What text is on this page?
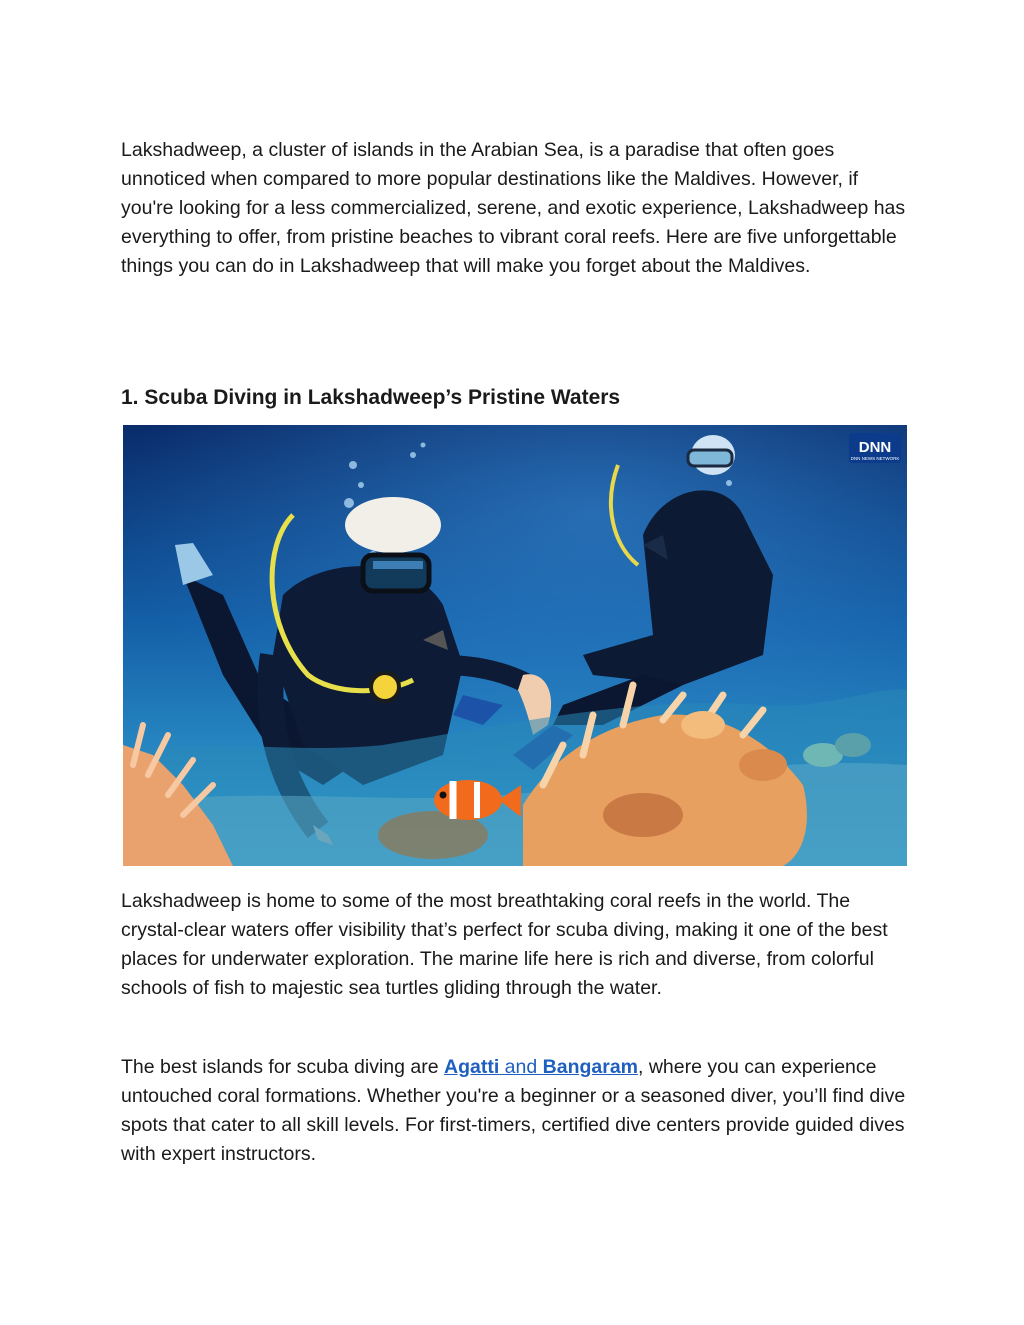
Lakshadweep, a cluster of islands in the Arabian Sea, is a paradise that often goes unnoticed when compared to more popular destinations like the Maldives. However, if you're looking for a less commercialized, serene, and exotic experience, Lakshadweep has everything to offer, from pristine beaches to vibrant coral reefs. Here are five unforgettable things you can do in Lakshadweep that will make you forget about the Maldives.

1. Scuba Diving in Lakshadweep’s Pristine Waters
DNN
DNN NEWS NETWORK

Lakshadweep is home to some of the most breathtaking coral reefs in the world. The crystal-clear waters offer visibility that’s perfect for scuba diving, making it one of the best places for underwater exploration. The marine life here is rich and diverse, from colorful schools of fish to majestic sea turtles gliding through the water.

The best islands for scuba diving are Agatti and Bangaram, where you can experience untouched coral formations. Whether you're a beginner or a seasoned diver, you’ll find dive spots that cater to all skill levels. For first-timers, certified dive centers provide guided dives with expert instructors.
